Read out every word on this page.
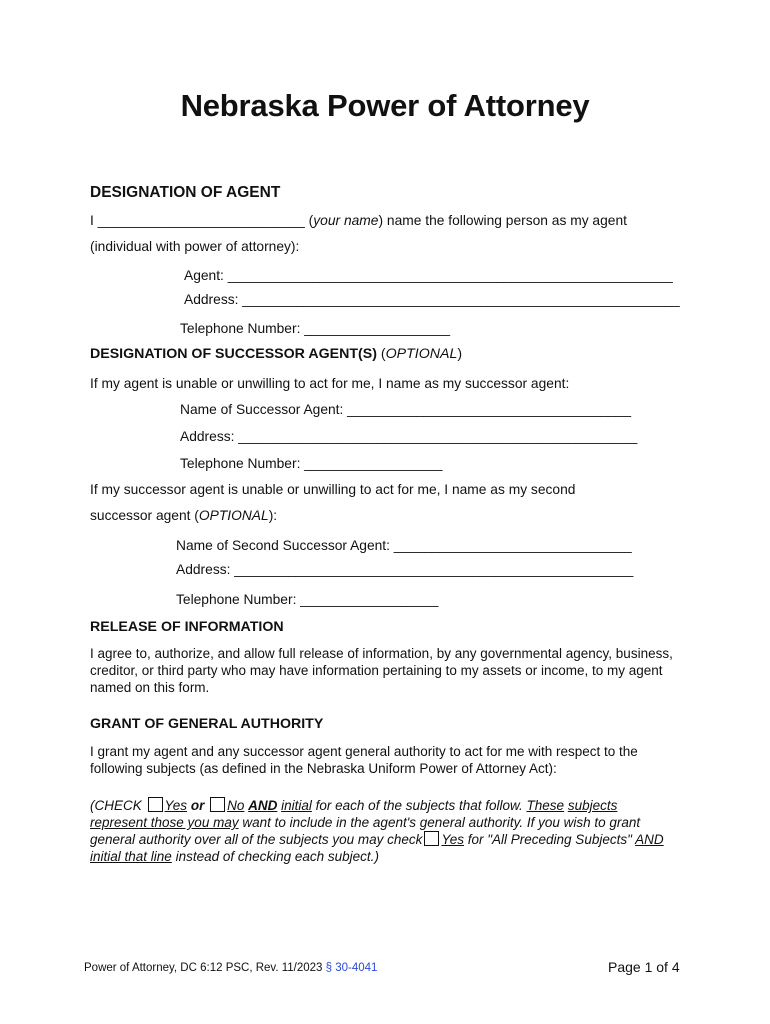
Nebraska Power of Attorney
DESIGNATION OF AGENT
I ___________________________ (your name) name the following person as my agent
(individual with power of attorney):
Agent: __________________________________________________________
Address: _________________________________________________________
Telephone Number: ___________________
DESIGNATION OF SUCCESSOR AGENT(S) (OPTIONAL)
If my agent is unable or unwilling to act for me, I name as my successor agent:
Name of Successor Agent: _____________________________________
Address: ____________________________________________________
Telephone Number: __________________
If my successor agent is unable or unwilling to act for me, I name as my second
successor agent (OPTIONAL):
Name of Second Successor Agent: _______________________________
Address: ____________________________________________________
Telephone Number: __________________
RELEASE OF INFORMATION
I agree to, authorize, and allow full release of information, by any governmental agency, business, creditor, or third party who may have information pertaining to my assets or income, to my agent named on this form.
GRANT OF GENERAL AUTHORITY
I grant my agent and any successor agent general authority to act for me with respect to the following subjects (as defined in the Nebraska Uniform Power of Attorney Act):
(CHECK Yes or No AND initial for each of the subjects that follow. These subjects represent those you may want to include in the agent's general authority. If you wish to grant general authority over all of the subjects you may check Yes for "All Preceding Subjects" AND initial that line instead of checking each subject.)
Power of Attorney, DC 6:12 PSC, Rev. 11/2023 § 30-4041	Page 1 of 4
